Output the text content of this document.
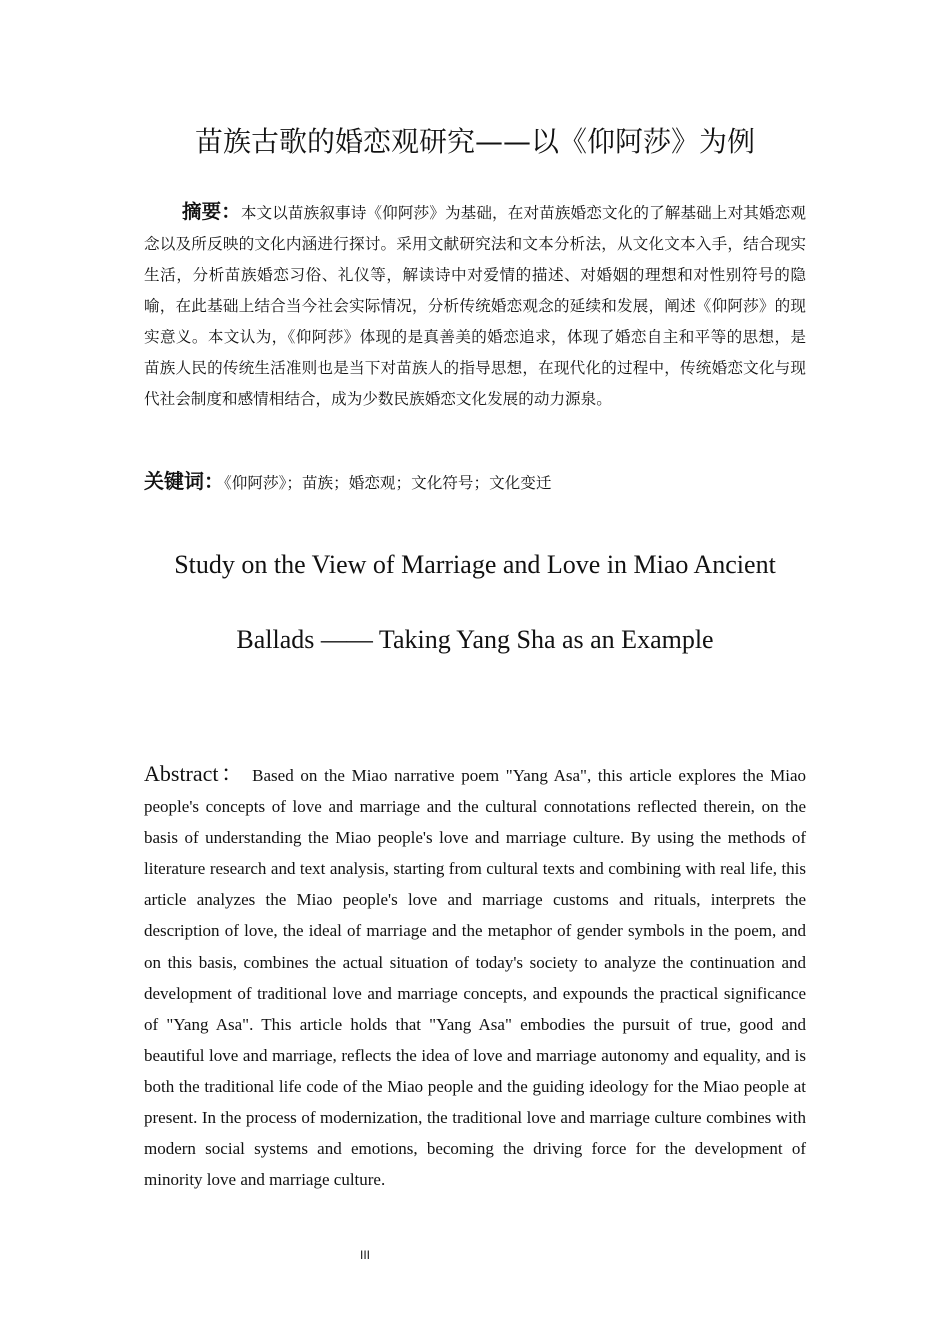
苗族古歌的婚恋观研究——以《仰阿莎》为例
摘要：本文以苗族叙事诗《仰阿莎》为基础，在对苗族婚恋文化的了解基础上对其婚恋观念以及所反映的文化内涵进行探讨。采用文献研究法和文本分析法，从文化文本入手，结合现实生活，分析苗族婚恋习俗、礼仪等，解读诗中对爱情的描述、对婚姻的理想和对性别符号的隐喻，在此基础上结合当今社会实际情况，分析传统婚恋观念的延续和发展，阐述《仰阿莎》的现实意义。本文认为，《仰阿莎》体现的是真善美的婚恋追求，体现了婚恋自主和平等的思想，是苗族人民的传统生活准则也是当下对苗族人的指导思想，在现代化的过程中，传统婚恋文化与现代社会制度和感情相结合，成为少数民族婚恋文化发展的动力源泉。
关键词：《仰阿莎》；苗族；婚恋观；文化符号；文化变迁
Study on the View of Marriage and Love in Miao Ancient
Ballads —— Taking Yang Sha as an Example
Abstract： Based on the Miao narrative poem "Yang Asa", this article explores the Miao people's concepts of love and marriage and the cultural connotations reflected therein, on the basis of understanding the Miao people's love and marriage culture. By using the methods of literature research and text analysis, starting from cultural texts and combining with real life, this article analyzes the Miao people's love and marriage customs and rituals, interprets the description of love, the ideal of marriage and the metaphor of gender symbols in the poem, and on this basis, combines the actual situation of today's society to analyze the continuation and development of traditional love and marriage concepts, and expounds the practical significance of "Yang Asa". This article holds that "Yang Asa" embodies the pursuit of true, good and beautiful love and marriage, reflects the idea of love and marriage autonomy and equality, and is both the traditional life code of the Miao people and the guiding ideology for the Miao people at present. In the process of modernization, the traditional love and marriage culture combines with modern social systems and emotions, becoming the driving force for the development of minority love and marriage culture.
III
